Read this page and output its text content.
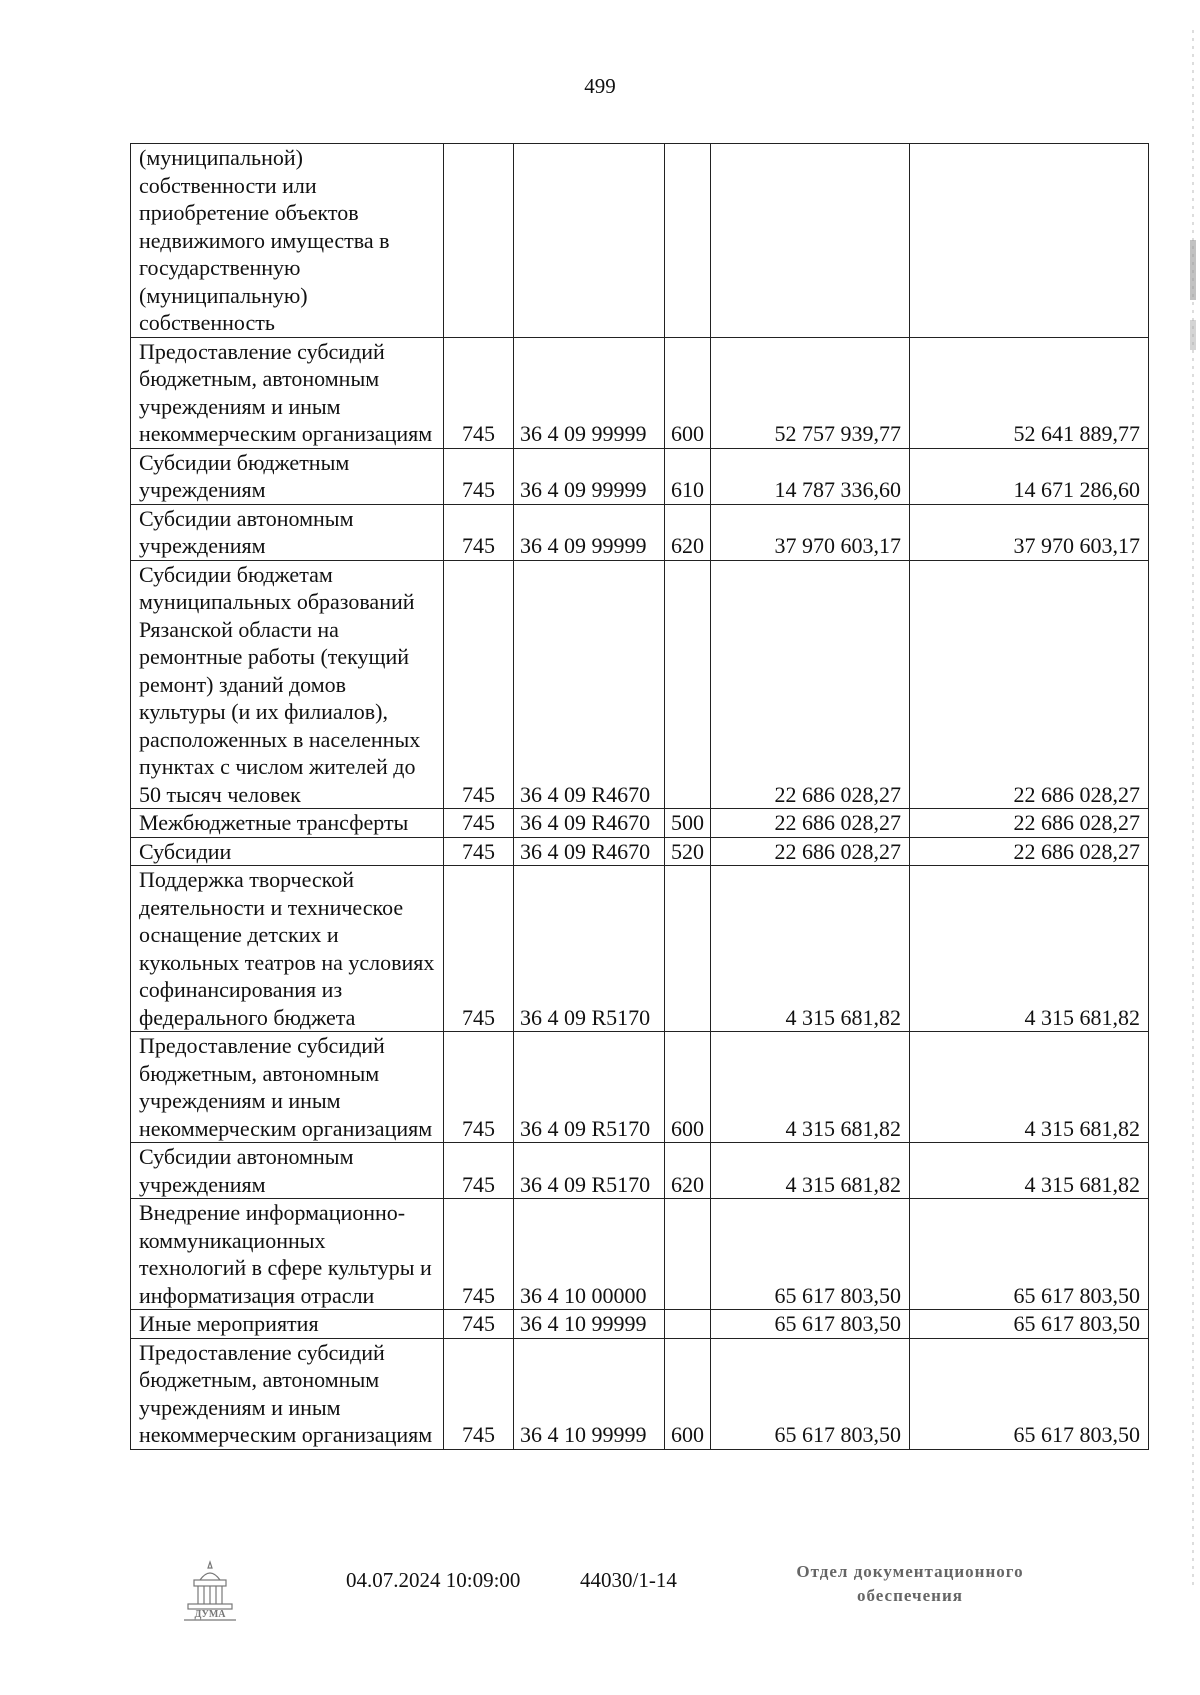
499
(муниципальной) собственности или приобретение объектов недвижимого имущества в государственную (муниципальную) собственность					
Предоставление субсидий бюджетным, автономным учреждениям и иным некоммерческим организациям	745	36 4 09 99999	600	52 757 939,77	52 641 889,77
Субсидии бюджетным учреждениям	745	36 4 09 99999	610	14 787 336,60	14 671 286,60
Субсидии автономным учреждениям	745	36 4 09 99999	620	37 970 603,17	37 970 603,17
Субсидии бюджетам муниципальных образований Рязанской области на ремонтные работы (текущий ремонт) зданий домов культуры (и их филиалов), расположенных в населенных пунктах с числом жителей до 50 тысяч человек	745	36 4 09 R4670		22 686 028,27	22 686 028,27
Межбюджетные трансферты	745	36 4 09 R4670	500	22 686 028,27	22 686 028,27
Субсидии	745	36 4 09 R4670	520	22 686 028,27	22 686 028,27
Поддержка творческой деятельности и техническое оснащение детских и кукольных театров на условиях софинансирования из федерального бюджета	745	36 4 09 R5170		4 315 681,82	4 315 681,82
Предоставление субсидий бюджетным, автономным учреждениям и иным некоммерческим организациям	745	36 4 09 R5170	600	4 315 681,82	4 315 681,82
Субсидии автономным учреждениям	745	36 4 09 R5170	620	4 315 681,82	4 315 681,82
Внедрение информационно-коммуникационных технологий в сфере культуры и информатизация отрасли	745	36 4 10 00000		65 617 803,50	65 617 803,50
Иные мероприятия	745	36 4 10 99999		65 617 803,50	65 617 803,50
Предоставление субсидий бюджетным, автономным учреждениям и иным некоммерческим организациям	745	36 4 10 99999	600	65 617 803,50	65 617 803,50
ДУМА
04.07.2024 10:09:00	44030/1-14	Отдел документационного
обеспечения
